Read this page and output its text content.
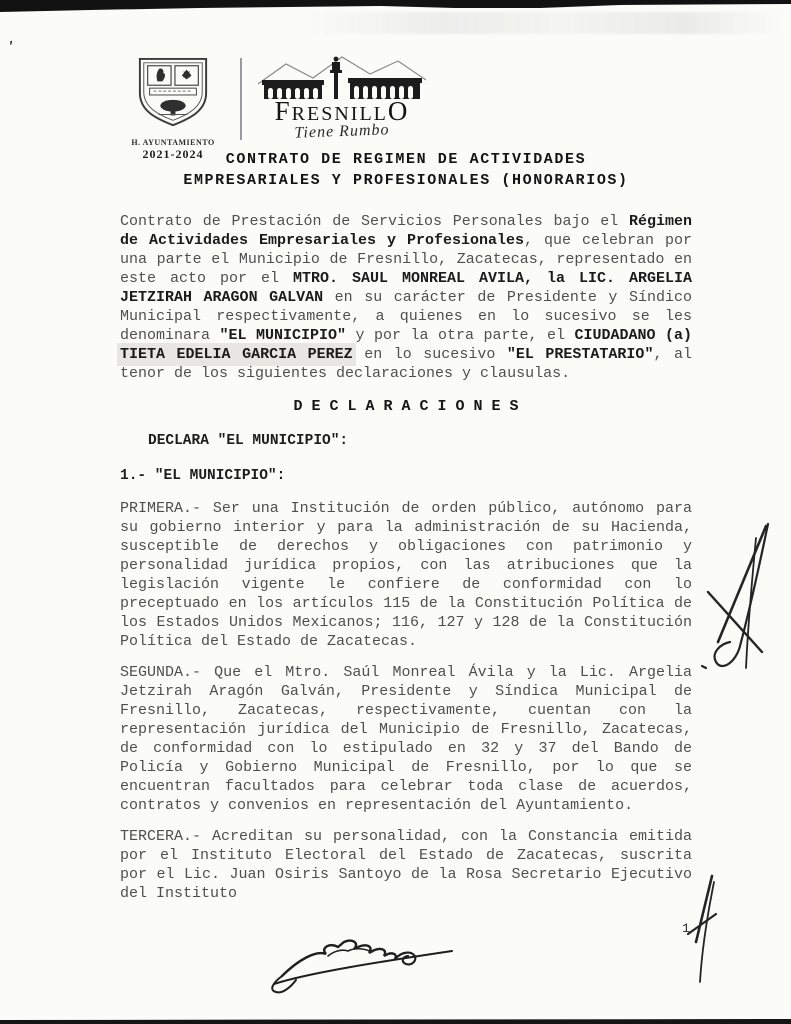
’
H. AYUNTAMIENTO
2021-2024
FRESNILLO
Tiene Rumbo
CONTRATO DE REGIMEN DE ACTIVIDADES
EMPRESARIALES Y PROFESIONALES (HONORARIOS)

Contrato de Prestación de Servicios Personales bajo el Régimen de Actividades Empresariales y Profesionales, que celebran por una parte el Municipio de Fresnillo, Zacatecas, representado en este acto por el MTRO. SAUL MONREAL AVILA, la LIC. ARGELIA JETZIRAH ARAGON GALVAN en su carácter de Presidente y Síndico Municipal respectivamente, a quienes en lo sucesivo se les denominara "EL MUNICIPIO" y por la otra parte, el CIUDADANO (a) TIETA EDELIA GARCIA PEREZ en lo sucesivo "EL PRESTATARIO", al tenor de los siguientes declaraciones y clausulas.

D E C L A R A C I O N E S

DECLARA "EL MUNICIPIO":

1.- "EL MUNICIPIO":

PRIMERA.- Ser una Institución de orden público, autónomo para su gobierno interior y para la administración de su Hacienda, susceptible de derechos y obligaciones con patrimonio y personalidad jurídica propios, con las atribuciones que la legislación vigente le confiere de conformidad con lo preceptuado en los artículos 115 de la Constitución Política de los Estados Unidos Mexicanos; 116, 127 y 128 de la Constitución Política del Estado de Zacatecas.

SEGUNDA.- Que el Mtro. Saúl Monreal Ávila y la Lic. Argelia Jetzirah Aragón Galván, Presidente y Síndica Municipal de Fresnillo, Zacatecas, respectivamente, cuentan con la representación jurídica del Municipio de Fresnillo, Zacatecas, de conformidad con lo estipulado en 32 y 37 del Bando de Policía y Gobierno Municipal de Fresnillo, por lo que se encuentran facultados para celebrar toda clase de acuerdos, contratos y convenios en representación del Ayuntamiento.

TERCERA.- Acreditan su personalidad, con la Constancia emitida por el Instituto Electoral del Estado de Zacatecas, suscrita por el Lic. Juan Osiris Santoyo de la Rosa Secretario Ejecutivo del Instituto

1
